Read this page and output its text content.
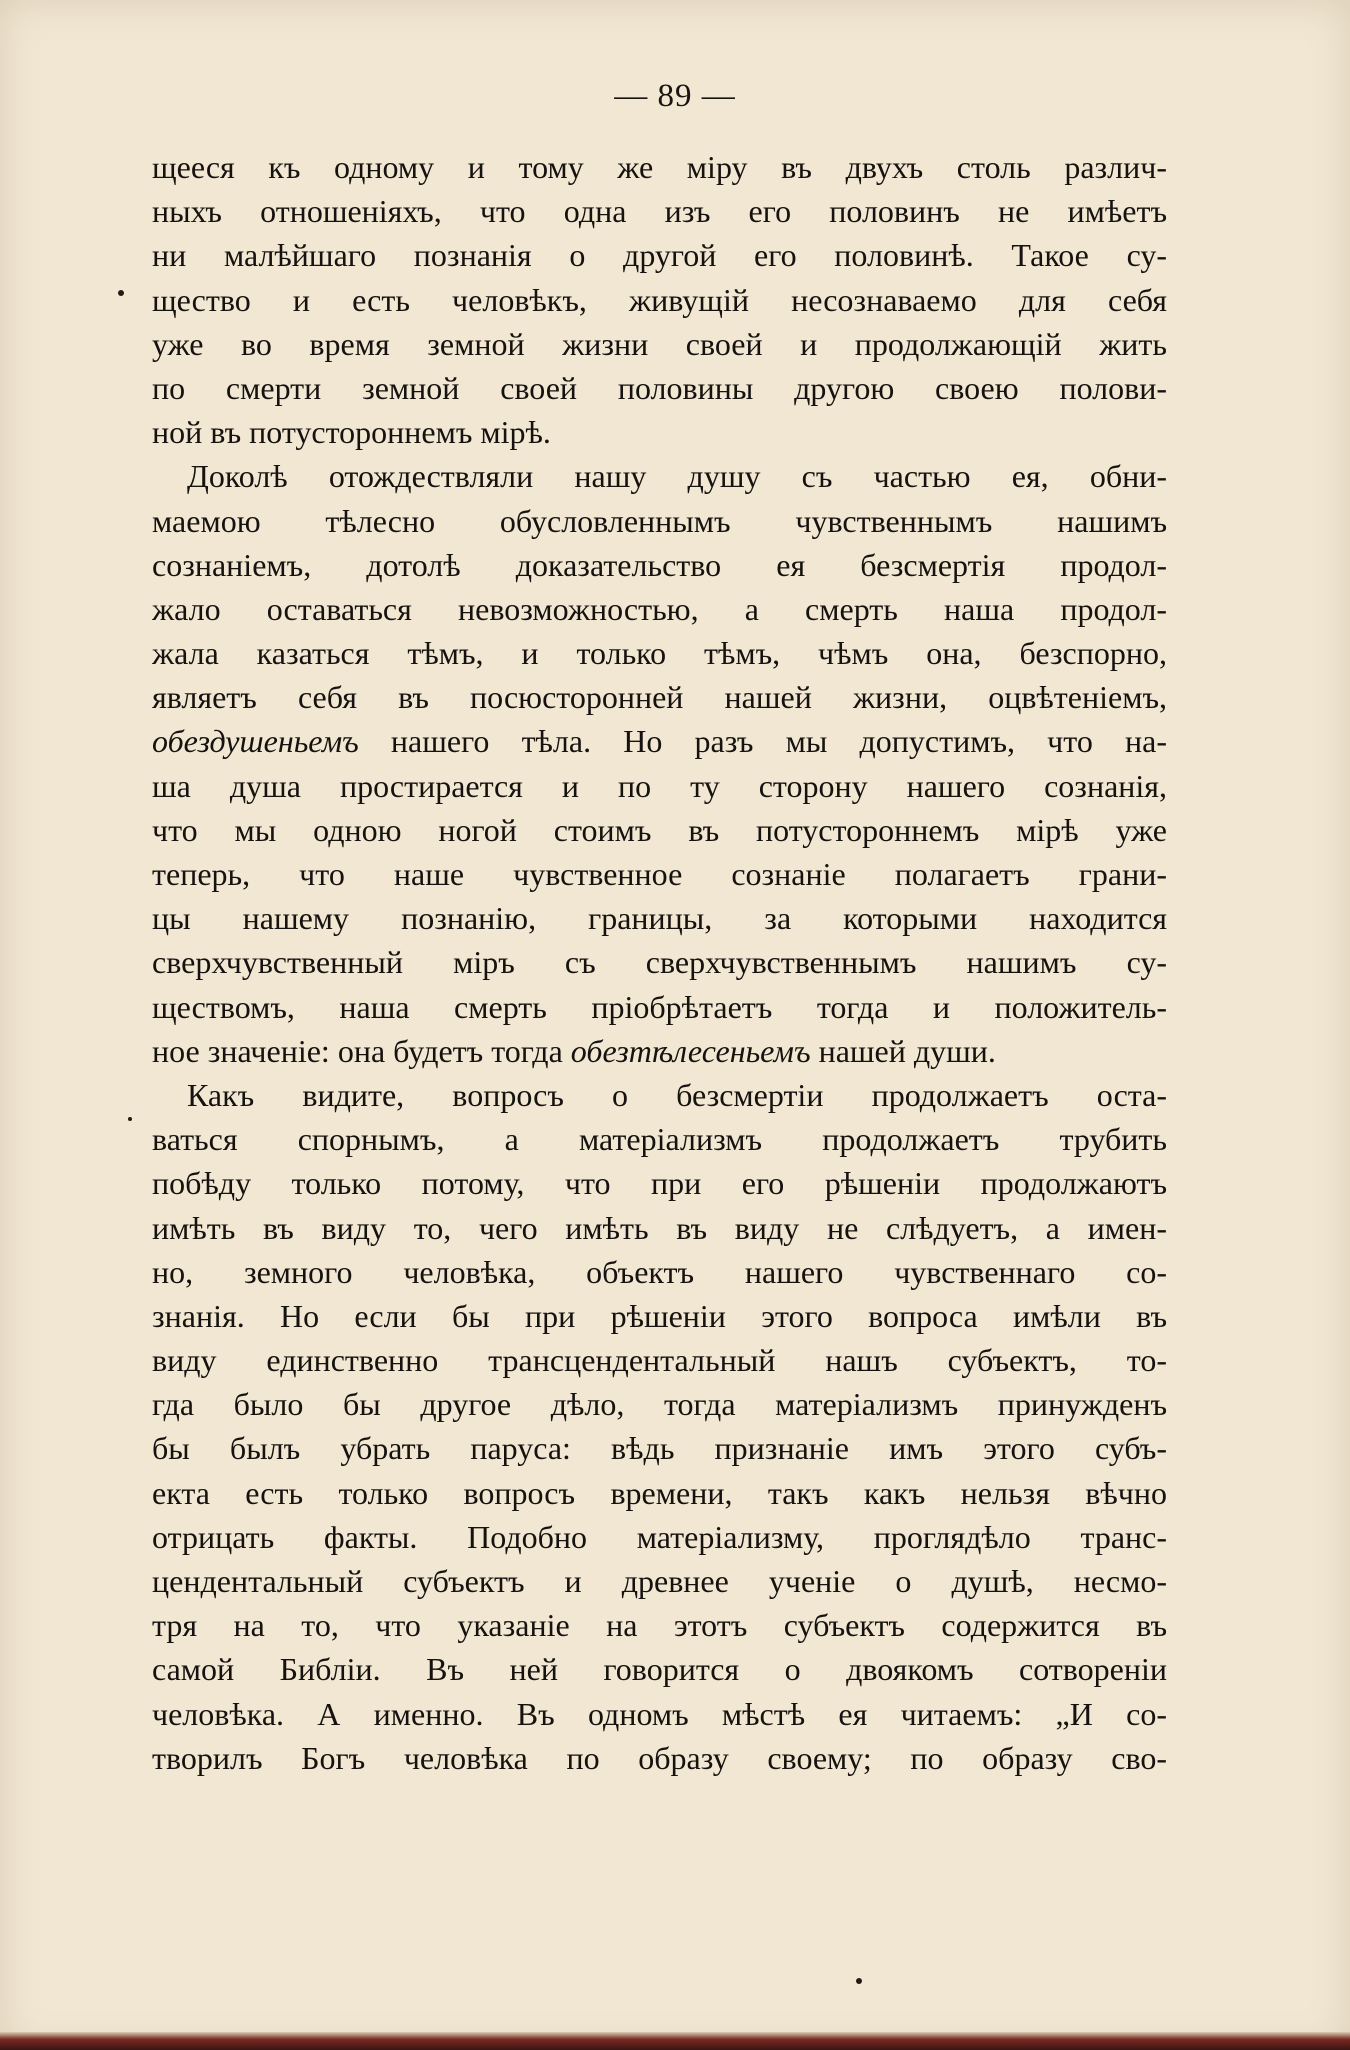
— 89 —
щееся къ одному и тому же міру въ двухъ столь различ-
ныхъ отношеніяхъ, что одна изъ его половинъ не имѣетъ
ни малѣйшаго познанія о другой его половинѣ. Такое су-
щество и есть человѣкъ, живущій несознаваемо для себя
уже во время земной жизни своей и продолжающій жить
по смерти земной своей половины другою своею полови-
ной въ потустороннемъ мірѣ.
Доколѣ отождествляли нашу душу съ частью ея, обни-
маемою тѣлесно обусловленнымъ чувственнымъ нашимъ
сознаніемъ, дотолѣ доказательство ея безсмертія продол-
жало оставаться невозможностью, а смерть наша продол-
жала казаться тѣмъ, и только тѣмъ, чѣмъ она, безспорно,
являетъ себя въ посюсторонней нашей жизни, оцвѣтеніемъ,
обездушеньемъ нашего тѣла. Но разъ мы допустимъ, что на-
ша душа простирается и по ту сторону нашего сознанія,
что мы одною ногой стоимъ въ потустороннемъ мірѣ уже
теперь, что наше чувственное сознаніе полагаетъ грани-
цы нашему познанію, границы, за которыми находится
сверхчувственный міръ съ сверхчувственнымъ нашимъ су-
ществомъ, наша смерть пріобрѣтаетъ тогда и положитель-
ное значеніе: она будетъ тогда обезтѣлесеньемъ нашей души.
Какъ видите, вопросъ о безсмертіи продолжаетъ оста-
ваться спорнымъ, а матеріализмъ продолжаетъ трубить
побѣду только потому, что при его рѣшеніи продолжаютъ
имѣть въ виду то, чего имѣть въ виду не слѣдуетъ, а имен-
но, земного человѣка, объектъ нашего чувственнаго со-
знанія. Но если бы при рѣшеніи этого вопроса имѣли въ
виду единственно трансцендентальный нашъ субъектъ, то-
гда было бы другое дѣло, тогда матеріализмъ принужденъ
бы былъ убрать паруса: вѣдь признаніе имъ этого субъ-
екта есть только вопросъ времени, такъ какъ нельзя вѣчно
отрицать факты. Подобно матеріализму, проглядѣло транс-
цендентальный субъектъ и древнее ученіе о душѣ, несмо-
тря на то, что указаніе на этотъ субъектъ содержится въ
самой Библіи. Въ ней говорится о двоякомъ сотвореніи
человѣка. А именно. Въ одномъ мѣстѣ ея читаемъ: „И со-
творилъ Богъ человѣка по образу своему; по образу сво-
